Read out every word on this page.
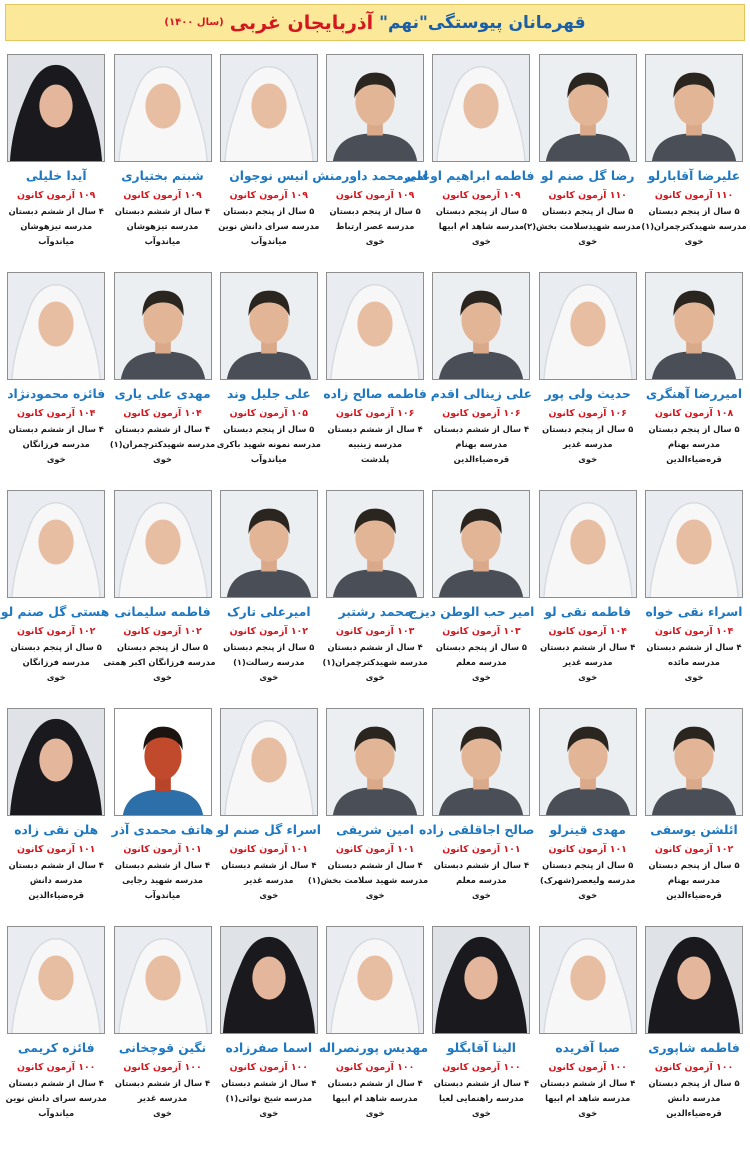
قهرمانان پیوستگی"نهم"
آذربایجان غربی
(سال ۱۴۰۰)
علیرضا آقابارلو
۱۱۰ آزمون کانون
۵ سال از پنجم دبستان
مدرسه شهیدکترچمران(۱)
خوی
رضا گل صنم لو
۱۱۰ آزمون کانون
۵ سال از پنجم دبستان
مدرسه شهیدسلامت بخش(۲)
خوی
فاطمه ابراهیم اوغلی
۱۰۹ آزمون کانون
۵ سال از پنجم دبستان
مدرسه شاهد ام ابیها
خوی
امیرمحمد داورمنش
۱۰۹ آزمون کانون
۵ سال از پنجم دبستان
مدرسه عصر ارتباط
خوی
انیس نوجوان
۱۰۹ آزمون کانون
۵ سال از پنجم دبستان
مدرسه سرای دانش نوین
میاندوآب
شبنم بختیاری
۱۰۹ آزمون کانون
۴ سال از ششم دبستان
مدرسه تیزهوشان
میاندوآب
آیدا خلیلی
۱۰۹ آزمون کانون
۴ سال از ششم دبستان
مدرسه تیزهوشان
میاندوآب
امیررضا آهنگری
۱۰۸ آزمون کانون
۵ سال از پنجم دبستان
مدرسه بهنام
قره‌ضیاءالدین
حدیث ولی پور
۱۰۶ آزمون کانون
۵ سال از پنجم دبستان
مدرسه غدیر
خوی
علی زینالی اقدم
۱۰۶ آزمون کانون
۴ سال از ششم دبستان
مدرسه بهنام
قره‌ضیاءالدین
فاطمه صالح زاده
۱۰۶ آزمون کانون
۴ سال از ششم دبستان
مدرسه زینبیه
پلدشت
علی جلیل وند
۱۰۵ آزمون کانون
۵ سال از پنجم دبستان
مدرسه نمونه شهید باکری
میاندوآب
مهدی علی یاری
۱۰۴ آزمون کانون
۴ سال از ششم دبستان
مدرسه شهیدکترچمران(۱)
خوی
فائزه محمودنژاد
۱۰۴ آزمون کانون
۴ سال از ششم دبستان
مدرسه فرزانگان
خوی
اسراء نقی خواه
۱۰۴ آزمون کانون
۴ سال از ششم دبستان
مدرسه مائده
خوی
فاطمه نقی لو
۱۰۴ آزمون کانون
۴ سال از ششم دبستان
مدرسه غدیر
خوی
امیر حب الوطن دیزج
۱۰۳ آزمون کانون
۵ سال از پنجم دبستان
مدرسه معلم
خوی
محمد رشتبر
۱۰۳ آزمون کانون
۴ سال از ششم دبستان
مدرسه شهیدکترچمران(۱)
خوی
امیرعلی تارک
۱۰۲ آزمون کانون
۵ سال از پنجم دبستان
مدرسه رسالت(۱)
خوی
فاطمه سلیمانی
۱۰۲ آزمون کانون
۵ سال از پنجم دبستان
مدرسه فرزانگان اکبر همتی
خوی
هستی گل صنم لو
۱۰۲ آزمون کانون
۵ سال از پنجم دبستان
مدرسه فرزانگان
خوی
ائلشن یوسفی
۱۰۲ آزمون کانون
۵ سال از پنجم دبستان
مدرسه بهنام
قره‌ضیاءالدین
مهدی قینرلو
۱۰۱ آزمون کانون
۵ سال از پنجم دبستان
مدرسه ولیعصر(شهرک)
خوی
صالح اجاقلقی زاده
۱۰۱ آزمون کانون
۴ سال از ششم دبستان
مدرسه معلم
خوی
امین شریفی
۱۰۱ آزمون کانون
۴ سال از ششم دبستان
مدرسه شهید سلامت بخش(۱)
خوی
اسراء گل صنم لو
۱۰۱ آزمون کانون
۴ سال از ششم دبستان
مدرسه غدیر
خوی
هاتف محمدی آذر
۱۰۱ آزمون کانون
۴ سال از ششم دبستان
مدرسه شهید رجایی
میاندوآب
هلن نقی زاده
۱۰۱ آزمون کانون
۴ سال از ششم دبستان
مدرسه دانش
قره‌ضیاءالدین
فاطمه شاپوری
۱۰۰ آزمون کانون
۵ سال از پنجم دبستان
مدرسه دانش
قره‌ضیاءالدین
صبا آفریده
۱۰۰ آزمون کانون
۴ سال از ششم دبستان
مدرسه شاهد ام ابیها
خوی
الینا آقابگلو
۱۰۰ آزمون کانون
۴ سال از ششم دبستان
مدرسه راهنمایی لعیا
خوی
مهدیس پورنصراله
۱۰۰ آزمون کانون
۴ سال از ششم دبستان
مدرسه شاهد ام ابیها
خوی
اسما صفرزاده
۱۰۰ آزمون کانون
۴ سال از ششم دبستان
مدرسه شیخ نوائی(۱)
خوی
نگین قوچخانی
۱۰۰ آزمون کانون
۴ سال از ششم دبستان
مدرسه غدیر
خوی
فائزه کریمی
۱۰۰ آزمون کانون
۴ سال از ششم دبستان
مدرسه سرای دانش نوین
میاندوآب
